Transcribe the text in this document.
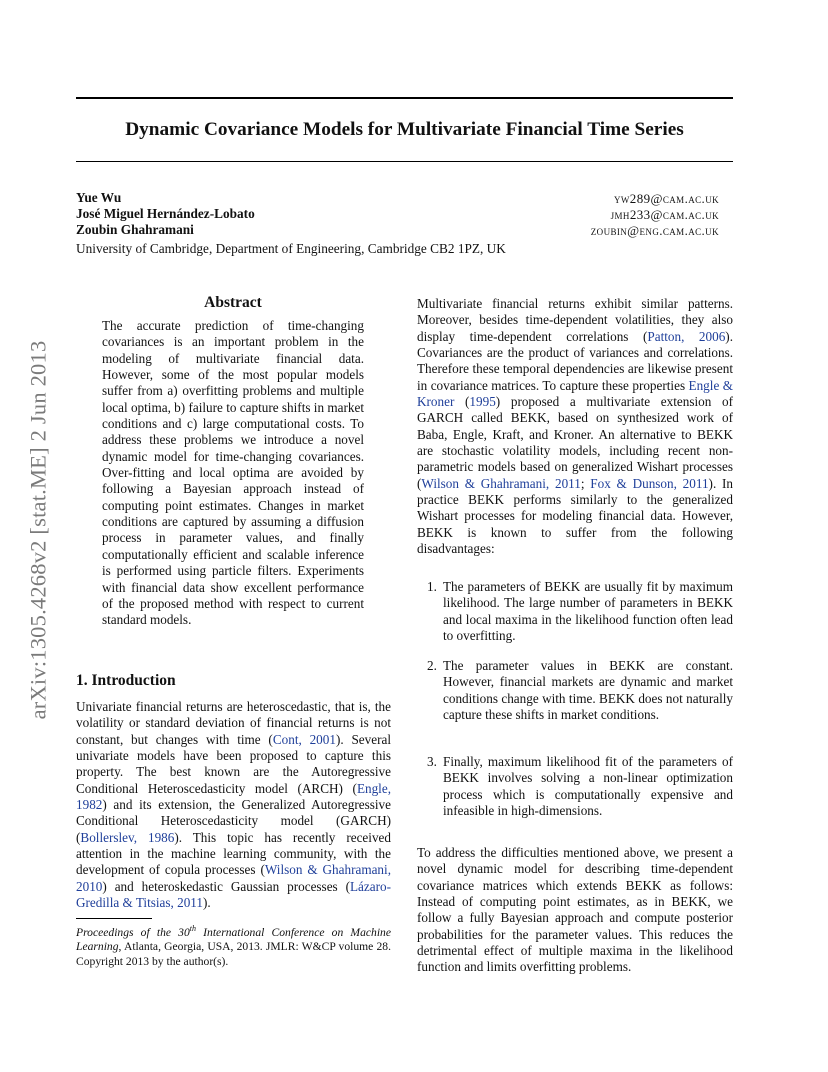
arXiv:1305.4268v2 [stat.ME] 2 Jun 2013
Dynamic Covariance Models for Multivariate Financial Time Series
Yue Wu	yw289@cam.ac.uk
José Miguel Hernández-Lobato	jmh233@cam.ac.uk
Zoubin Ghahramani	zoubin@eng.cam.ac.uk
University of Cambridge, Department of Engineering, Cambridge CB2 1PZ, UK
Abstract
The accurate prediction of time-changing covariances is an important problem in the modeling of multivariate financial data. However, some of the most popular models suffer from a) overfitting problems and multiple local optima, b) failure to capture shifts in market conditions and c) large computational costs. To address these problems we introduce a novel dynamic model for time-changing covariances. Over-fitting and local optima are avoided by following a Bayesian approach instead of computing point estimates. Changes in market conditions are captured by assuming a diffusion process in parameter values, and finally computationally efficient and scalable inference is performed using particle filters. Experiments with financial data show excellent performance of the proposed method with respect to current standard models.
1. Introduction
Univariate financial returns are heteroscedastic, that is, the volatility or standard deviation of financial returns is not constant, but changes with time (Cont, 2001). Several univariate models have been proposed to capture this property. The best known are the Autoregressive Conditional Heteroscedasticity model (ARCH) (Engle, 1982) and its extension, the Generalized Autoregressive Conditional Heteroscedasticity model (GARCH) (Bollerslev, 1986). This topic has recently received attention in the machine learning community, with the development of copula processes (Wilson & Ghahramani, 2010) and heteroskedastic Gaussian processes (Lázaro-Gredilla & Titsias, 2011).
Proceedings of the 30th International Conference on Machine Learning, Atlanta, Georgia, USA, 2013. JMLR: W&CP volume 28. Copyright 2013 by the author(s).
Multivariate financial returns exhibit similar patterns. Moreover, besides time-dependent volatilities, they also display time-dependent correlations (Patton, 2006). Covariances are the product of variances and correlations. Therefore these temporal dependencies are likewise present in covariance matrices. To capture these properties Engle & Kroner (1995) proposed a multivariate extension of GARCH called BEKK, based on synthesized work of Baba, Engle, Kraft, and Kroner. An alternative to BEKK are stochastic volatility models, including recent non-parametric models based on generalized Wishart processes (Wilson & Ghahramani, 2011; Fox & Dunson, 2011). In practice BEKK performs similarly to the generalized Wishart processes for modeling financial data. However, BEKK is known to suffer from the following disadvantages:
1. The parameters of BEKK are usually fit by maximum likelihood. The large number of parameters in BEKK and local maxima in the likelihood function often lead to overfitting.
2. The parameter values in BEKK are constant. However, financial markets are dynamic and market conditions change with time. BEKK does not naturally capture these shifts in market conditions.
3. Finally, maximum likelihood fit of the parameters of BEKK involves solving a non-linear optimization process which is computationally expensive and infeasible in high-dimensions.
To address the difficulties mentioned above, we present a novel dynamic model for describing time-dependent covariance matrices which extends BEKK as follows: Instead of computing point estimates, as in BEKK, we follow a fully Bayesian approach and compute posterior probabilities for the parameter values. This reduces the detrimental effect of multiple maxima in the likelihood function and limits overfitting problems.
